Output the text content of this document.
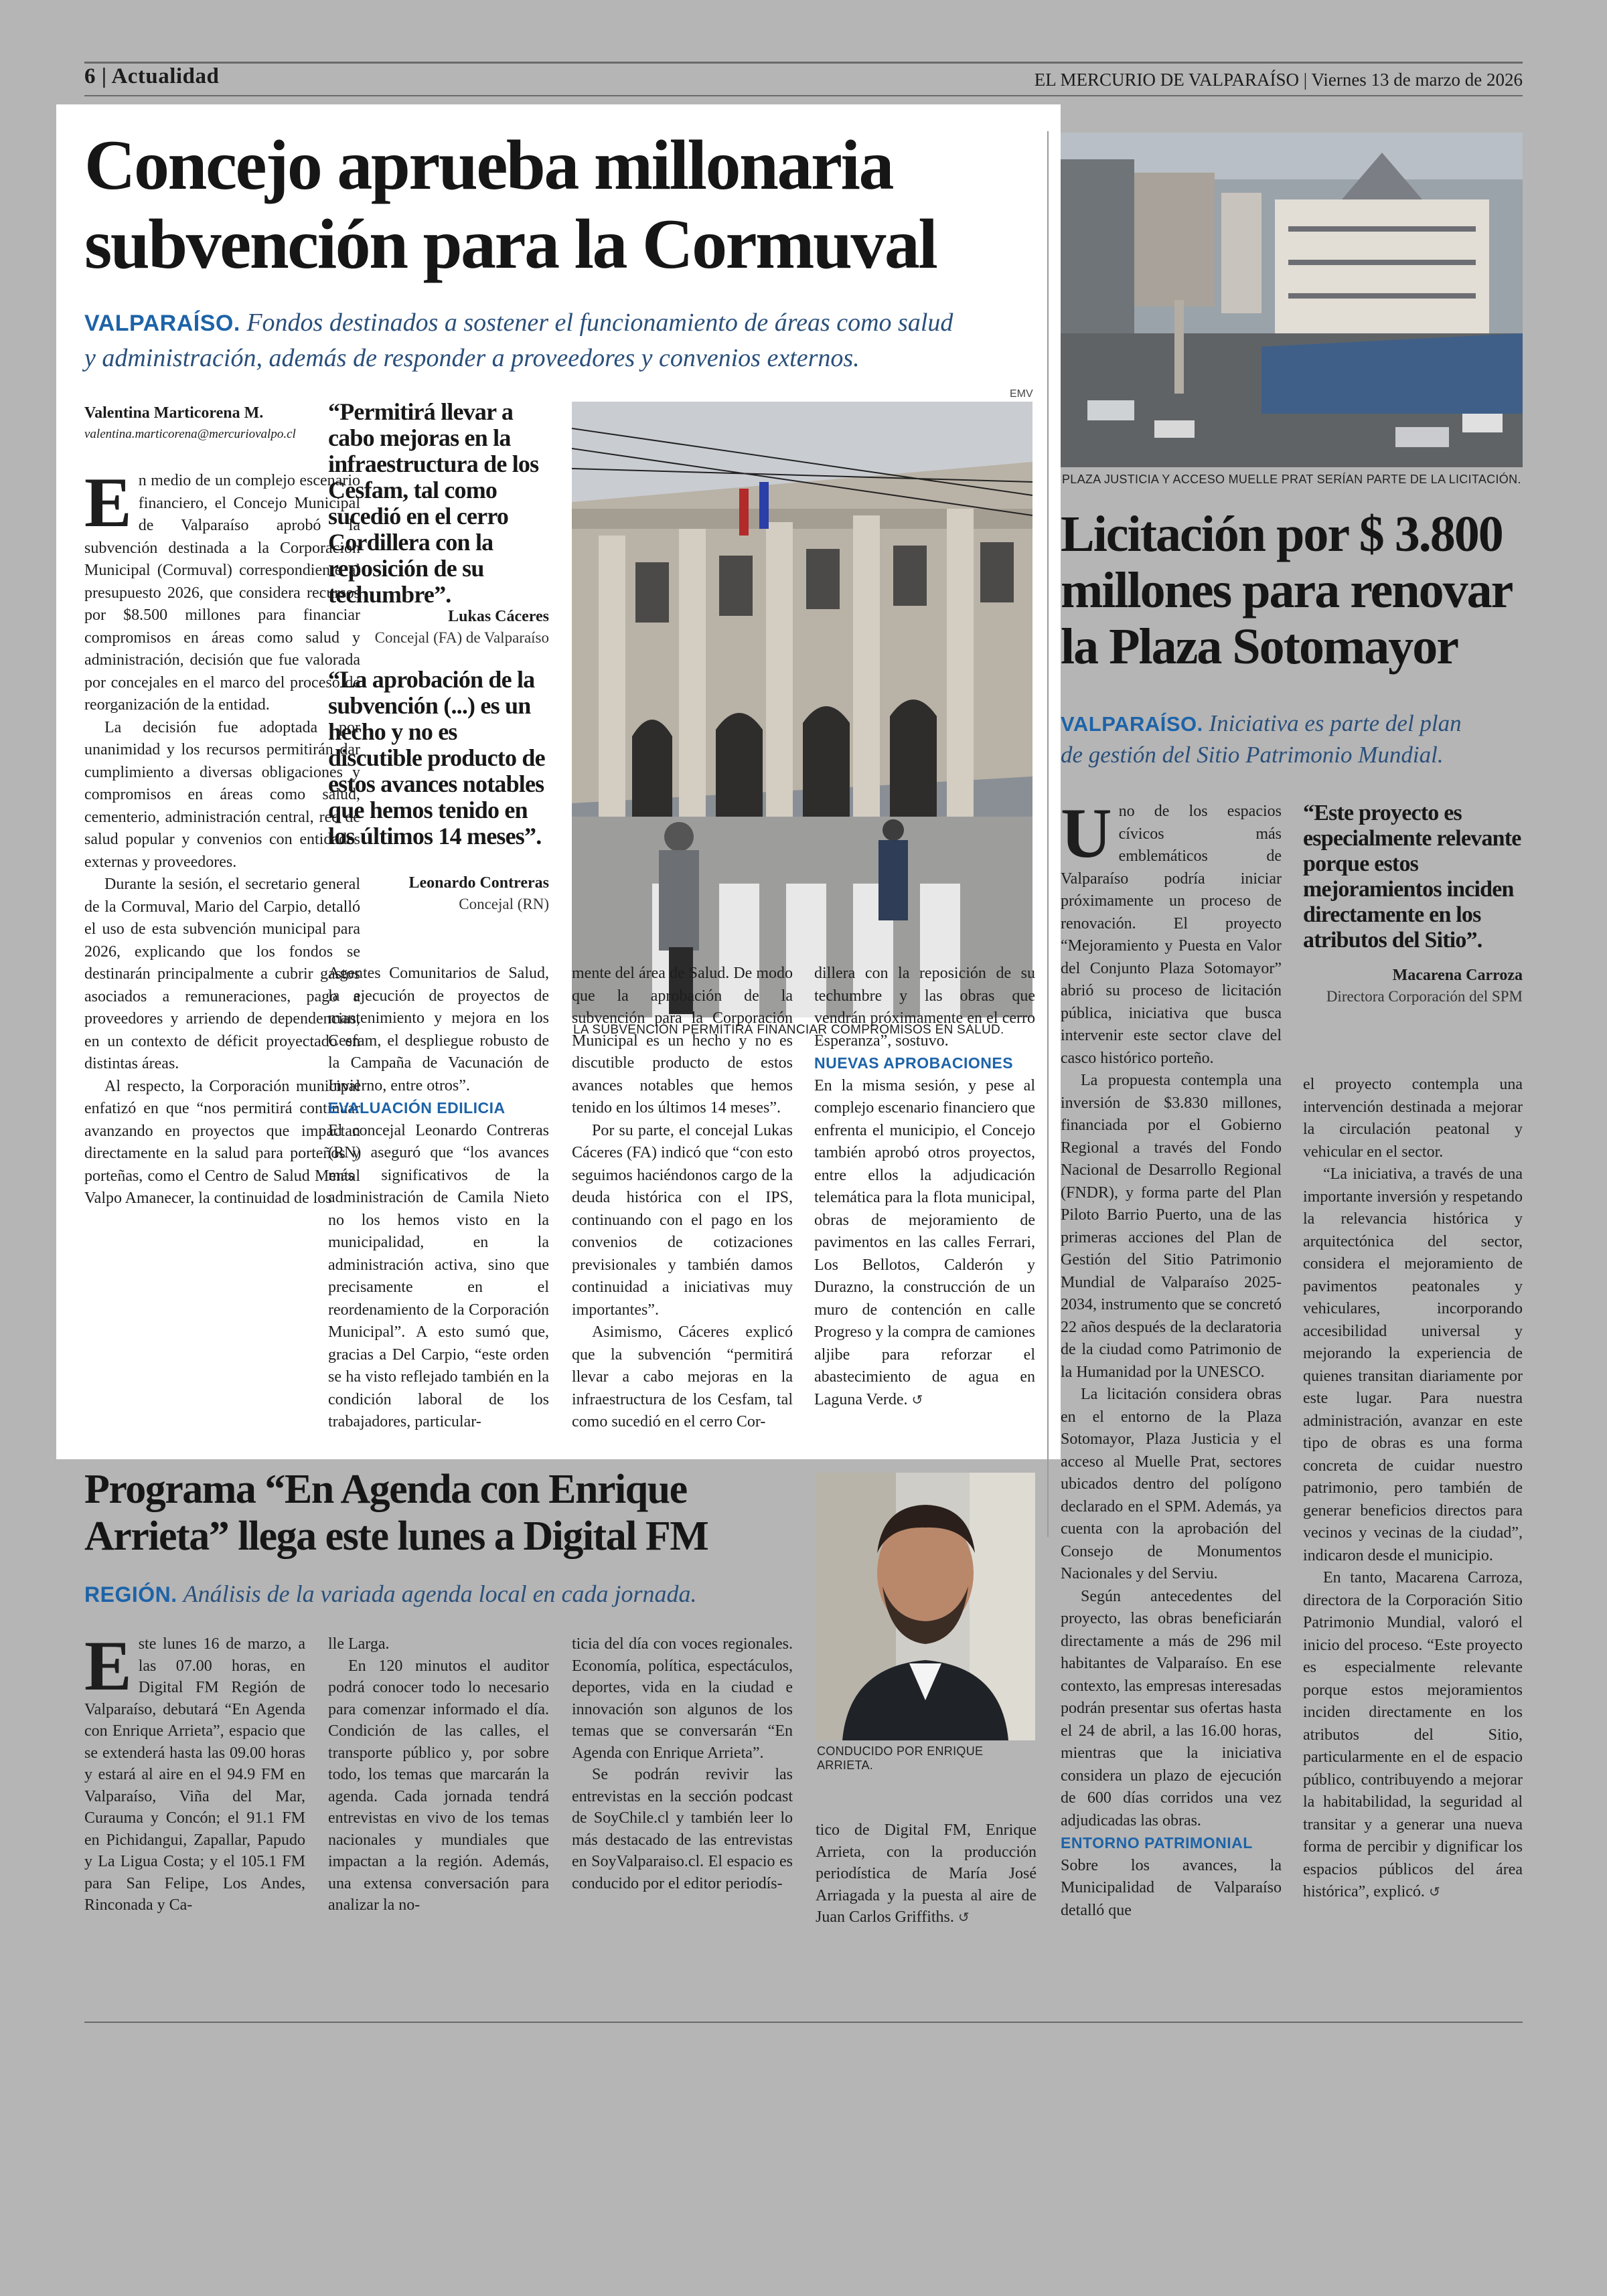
6 | Actualidad	EL MERCURIO DE VALPARAÍSO | Viernes 13 de marzo de 2026
Concejo aprueba millonaria
subvención para la Cormuval
VALPARAÍSO. Fondos destinados a sostener el funcionamiento de áreas como salud
y administración, además de responder a proveedores y convenios externos.
Valentina Marticorena M.
valentina.marticorena@mercuriovalpo.cl

En medio de un complejo escenario financiero, el Concejo Municipal de Valparaíso aprobó la subvención destinada a la Corporación Municipal (Cormuval) correspondiente al presupuesto 2026, que considera recursos por $8.500 millones para financiar compromisos en áreas como salud y administración, decisión que fue valorada por concejales en el marco del proceso de reorganización de la entidad.

La decisión fue adoptada por unanimidad y los recursos permitirán dar cumplimiento a diversas obligaciones y compromisos en áreas como salud, cementerio, administración central, red de salud popular y convenios con entidades externas y proveedores.

Durante la sesión, el secretario general de la Cormuval, Mario del Carpio, detalló el uso de esta subvención municipal para 2026, explicando que los fondos se destinarán principalmente a cubrir gastos asociados a remuneraciones, pago a proveedores y arriendo de dependencias, en un contexto de déficit proyectado en distintas áreas.

Al respecto, la Corporación municipal enfatizó en que “nos permitirá continuar avanzando en proyectos que impactan directamente en la salud para porteños y porteñas, como el Centro de Salud Mental Valpo Amanecer, la continuidad de los

“Permitirá llevar a cabo mejoras en la infraestructura de los Cesfam, tal como sucedió en el cerro Cordillera con la reposición de su techumbre”.
Lukas Cáceres
Concejal (FA) de Valparaíso
“La aprobación de la subvención (...) es un hecho y no es discutible producto de estos avances notables que hemos tenido en los últimos 14 meses”.
Leonardo Contreras
Concejal (RN)
EMV
LA SUBVENCIÓN PERMITIRÁ FINANCIAR COMPROMISOS EN SALUD.

Agentes Comunitarios de Salud, la ejecución de proyectos de mantenimiento y mejora en los Cesfam, el despliegue robusto de la Campaña de Vacunación de Invierno, entre otros”.

EVALUACIÓN EDILICIA

El concejal Leonardo Contreras (RN) aseguró que “los avances más significativos de la administración de Camila Nieto no los hemos visto en la municipalidad, en la administración activa, sino que precisamente en el reordenamiento de la Corporación Municipal”. A esto sumó que, gracias a Del Carpio, “este orden se ha visto reflejado también en la condición laboral de los trabajadores, particular-

mente del área de Salud. De modo que la aprobación de la subvención para la Corporación Municipal es un hecho y no es discutible producto de estos avances notables que hemos tenido en los últimos 14 meses”.

Por su parte, el concejal Lukas Cáceres (FA) indicó que “con esto seguimos haciéndonos cargo de la deuda histórica con el IPS, continuando con el pago en los convenios de cotizaciones previsionales y también damos continuidad a iniciativas muy importantes”.

Asimismo, Cáceres explicó que la subvención “permitirá llevar a cabo mejoras en la infraestructura de los Cesfam, tal como sucedió en el cerro Cor-

dillera con la reposición de su techumbre y las obras que vendrán próximamente en el cerro Esperanza”, sostuvo.

NUEVAS APROBACIONES

En la misma sesión, y pese al complejo escenario financiero que enfrenta el municipio, el Concejo también aprobó otros proyectos, entre ellos la adjudicación telemática para la flota municipal, obras de mejoramiento de pavimentos en las calles Ferrari, Los Bellotos, Calderón y Durazno, la construcción de un muro de contención en calle Progreso y la compra de camiones aljibe para reforzar el abastecimiento de agua en Laguna Verde. ↺

PLAZA JUSTICIA Y ACCESO MUELLE PRAT SERÍAN PARTE DE LA LICITACIÓN.
Licitación por $ 3.800
millones para renovar
la Plaza Sotomayor
VALPARAÍSO. Iniciativa es parte del plan
de gestión del Sitio Patrimonio Mundial.

Uno de los espacios cívicos más emblemáticos de Valparaíso podría iniciar próximamente un proceso de renovación. El proyecto “Mejoramiento y Puesta en Valor del Conjunto Plaza Sotomayor” abrió su proceso de licitación pública, iniciativa que busca intervenir este sector clave del casco histórico porteño.

La propuesta contempla una inversión de $3.830 millones, financiada por el Gobierno Regional a través del Fondo Nacional de Desarrollo Regional (FNDR), y forma parte del Plan Piloto Barrio Puerto, una de las primeras acciones del Plan de Gestión del Sitio Patrimonio Mundial de Valparaíso 2025-2034, instrumento que se concretó 22 años después de la declaratoria de la ciudad como Patrimonio de la Humanidad por la UNESCO.

La licitación considera obras en el entorno de la Plaza Sotomayor, Plaza Justicia y el acceso al Muelle Prat, sectores ubicados dentro del polígono declarado en el SPM. Además, ya cuenta con la aprobación del Consejo de Monumentos Nacionales y del Serviu.

Según antecedentes del proyecto, las obras beneficiarán directamente a más de 296 mil habitantes de Valparaíso. En ese contexto, las empresas interesadas podrán presentar sus ofertas hasta el 24 de abril, a las 16.00 horas, mientras que la iniciativa considera un plazo de ejecución de 600 días corridos una vez adjudicadas las obras.

ENTORNO PATRIMONIAL

Sobre los avances, la Municipalidad de Valparaíso detalló que

“Este proyecto es especialmente relevante porque estos mejoramientos inciden directamente en los atributos del Sitio”.
Macarena Carroza
Directora Corporación del SPM

el proyecto contempla una intervención destinada a mejorar la circulación peatonal y vehicular en el sector.

“La iniciativa, a través de una importante inversión y respetando la relevancia histórica y arquitectónica del sector, considera el mejoramiento de pavimentos peatonales y vehiculares, incorporando accesibilidad universal y mejorando la experiencia de quienes transitan diariamente por este lugar. Para nuestra administración, avanzar en este tipo de obras es una forma concreta de cuidar nuestro patrimonio, pero también de generar beneficios directos para vecinos y vecinas de la ciudad”, indicaron desde el municipio.

En tanto, Macarena Carroza, directora de la Corporación Sitio Patrimonio Mundial, valoró el inicio del proceso. “Este proyecto es especialmente relevante porque estos mejoramientos inciden directamente en los atributos del Sitio, particularmente en el de espacio público, contribuyendo a mejorar la habitabilidad, la seguridad al transitar y a generar una nueva forma de percibir y dignificar los espacios públicos del área histórica”, explicó. ↺

Programa “En Agenda con Enrique
Arrieta” llega este lunes a Digital FM
REGIÓN. Análisis de la variada agenda local en cada jornada.
CONDUCIDO POR ENRIQUE ARRIETA.

Este lunes 16 de marzo, a las 07.00 horas, en Digital FM Región de Valparaíso, debutará “En Agenda con Enrique Arrieta”, espacio que se extenderá hasta las 09.00 horas y estará al aire en el 94.9 FM en Valparaíso, Viña del Mar, Curauma y Concón; el 91.1 FM en Pichidangui, Zapallar, Papudo y La Ligua Costa; y el 105.1 FM para San Felipe, Los Andes, Rinconada y Ca-

lle Larga.

En 120 minutos el auditor podrá conocer todo lo necesario para comenzar informado el día. Condición de las calles, el transporte público y, por sobre todo, los temas que marcarán la agenda. Cada jornada tendrá entrevistas en vivo de los temas nacionales y mundiales que impactan a la región. Además, una extensa conversación para analizar la no-

ticia del día con voces regionales. Economía, política, espectáculos, deportes, vida en la ciudad e innovación son algunos de los temas que se conversarán “En Agenda con Enrique Arrieta”.

Se podrán revivir las entrevistas en la sección podcast de SoyChile.cl y también leer lo más destacado de las entrevistas en SoyValparaiso.cl. El espacio es conducido por el editor periodís-

tico de Digital FM, Enrique Arrieta, con la producción periodística de María José Arriagada y la puesta al aire de Juan Carlos Griffiths. ↺
